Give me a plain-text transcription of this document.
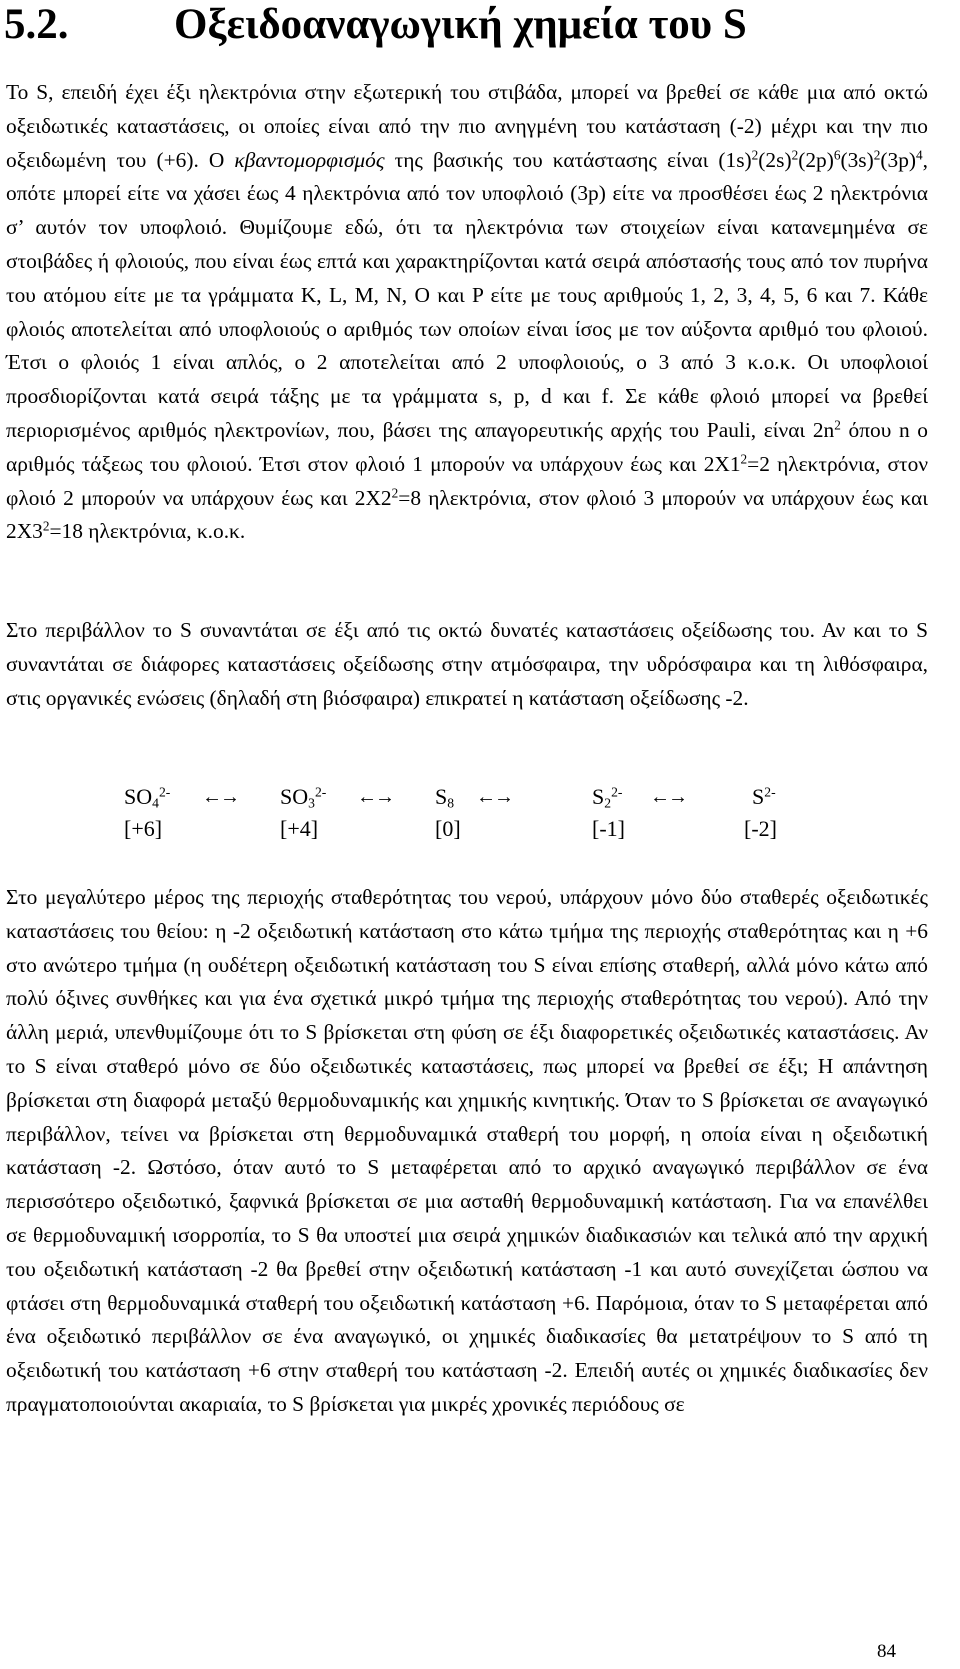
5.2. Οξειδοαναγωγική χημεία του S

Το S, επειδή έχει έξι ηλεκτρόνια στην εξωτερική του στιβάδα, μπορεί να βρεθεί σε κάθε μια από οκτώ οξειδωτικές καταστάσεις, οι οποίες είναι από την πιο ανηγμένη του κατάσταση (-2) μέχρι και την πιο οξειδωμένη του (+6). Ο κβαντομορφισμός της βασικής του κατάστασης είναι $(1s)^2(2s)^2(2p)^6(3s)^2(3p)^4$, οπότε μπορεί είτε να χάσει έως 4 ηλεκτρόνια από τον υποφλοιό (3p) είτε να προσθέσει έως 2 ηλεκτρόνια σ’ αυτόν τον υποφλοιό. Θυμίζουμε εδώ, ότι τα ηλεκτρόνια των στοιχείων είναι κατανεμημένα σε στοιβάδες ή φλοιούς, που είναι έως επτά και χαρακτηρίζονται κατά σειρά απόστασής τους από τον πυρήνα του ατόμου είτε με τα γράμματα K, L, M, N, O και P είτε με τους αριθμούς 1, 2, 3, 4, 5, 6 και 7. Κάθε φλοιός αποτελείται από υποφλοιούς ο αριθμός των οποίων είναι ίσος με τον αύξοντα αριθμό του φλοιού. Έτσι ο φλοιός 1 είναι απλός, ο 2 αποτελείται από 2 υποφλοιούς, ο 3 από 3 κ.ο.κ. Οι υποφλοιοί προσδιορίζονται κατά σειρά τάξης με τα γράμματα s, p, d και f. Σε κάθε φλοιό μπορεί να βρεθεί περιορισμένος αριθμός ηλεκτρονίων, που, βάσει της απαγορευτικής αρχής του Pauli, είναι $2n^2$ όπου n ο αριθμός τάξεως του φλοιού. Έτσι στον φλοιό 1 μπορούν να υπάρχουν έως και $2X1^2=2$ ηλεκτρόνια, στον φλοιό 2 μπορούν να υπάρχουν έως και $2X2^2=8$ ηλεκτρόνια, στον φλοιό 3 μπορούν να υπάρχουν έως και $2X3^2=18$ ηλεκτρόνια, κ.ο.κ.

Στο περιβάλλον το S συναντάται σε έξι από τις οκτώ δυνατές καταστάσεις οξείδωσης του. Αν και το S συναντάται σε διάφορες καταστάσεις οξείδωσης στην ατμόσφαιρα, την υδρόσφαιρα και τη λιθόσφαιρα, στις οργανικές ενώσεις (δηλαδή στη βιόσφαιρα) επικρατεί η κατάσταση οξείδωσης -2.

$SO_4^{2-}$ ←→ $SO_3^{2-}$ ←→ $S_8$ ←→	$S_2^{2-}$ ←→	$S^{2-}$
[+6]	[+4]	[0]	[-1]	[-2]

Στο μεγαλύτερο μέρος της περιοχής σταθερότητας του νερού, υπάρχουν μόνο δύο σταθερές οξειδωτικές καταστάσεις του θείου: η -2 οξειδωτική κατάσταση στο κάτω τμήμα της περιοχής σταθερότητας και η +6 στο ανώτερο τμήμα (η ουδέτερη οξειδωτική κατάσταση του S είναι επίσης σταθερή, αλλά μόνο κάτω από πολύ όξινες συνθήκες και για ένα σχετικά μικρό τμήμα της περιοχής σταθερότητας του νερού). Από την άλλη μεριά, υπενθυμίζουμε ότι το S βρίσκεται στη φύση σε έξι διαφορετικές οξειδωτικές καταστάσεις. Αν το S είναι σταθερό μόνο σε δύο οξειδωτικές καταστάσεις, πως μπορεί να βρεθεί σε έξι; Η απάντηση βρίσκεται στη διαφορά μεταξύ θερμοδυναμικής και χημικής κινητικής. Όταν το S βρίσκεται σε αναγωγικό περιβάλλον, τείνει να βρίσκεται στη θερμοδυναμικά σταθερή του μορφή, η οποία είναι η οξειδωτική κατάσταση -2. Ωστόσο, όταν αυτό το S μεταφέρεται από το αρχικό αναγωγικό περιβάλλον σε ένα περισσότερο οξειδωτικό, ξαφνικά βρίσκεται σε μια ασταθή θερμοδυναμική κατάσταση. Για να επανέλθει σε θερμοδυναμική ισορροπία, το S θα υποστεί μια σειρά χημικών διαδικασιών και τελικά από την αρχική του οξειδωτική κατάσταση -2 θα βρεθεί στην οξειδωτική κατάσταση -1 και αυτό συνεχίζεται ώσπου να φτάσει στη θερμοδυναμικά σταθερή του οξειδωτική κατάσταση +6. Παρόμοια, όταν το S μεταφέρεται από ένα οξειδωτικό περιβάλλον σε ένα αναγωγικό, οι χημικές διαδικασίες θα μετατρέψουν το S από τη οξειδωτική του κατάσταση +6 στην σταθερή του κατάσταση -2. Επειδή αυτές οι χημικές διαδικασίες δεν πραγματοποιούνται ακαριαία, το S βρίσκεται για μικρές χρονικές περιόδους σε

84
